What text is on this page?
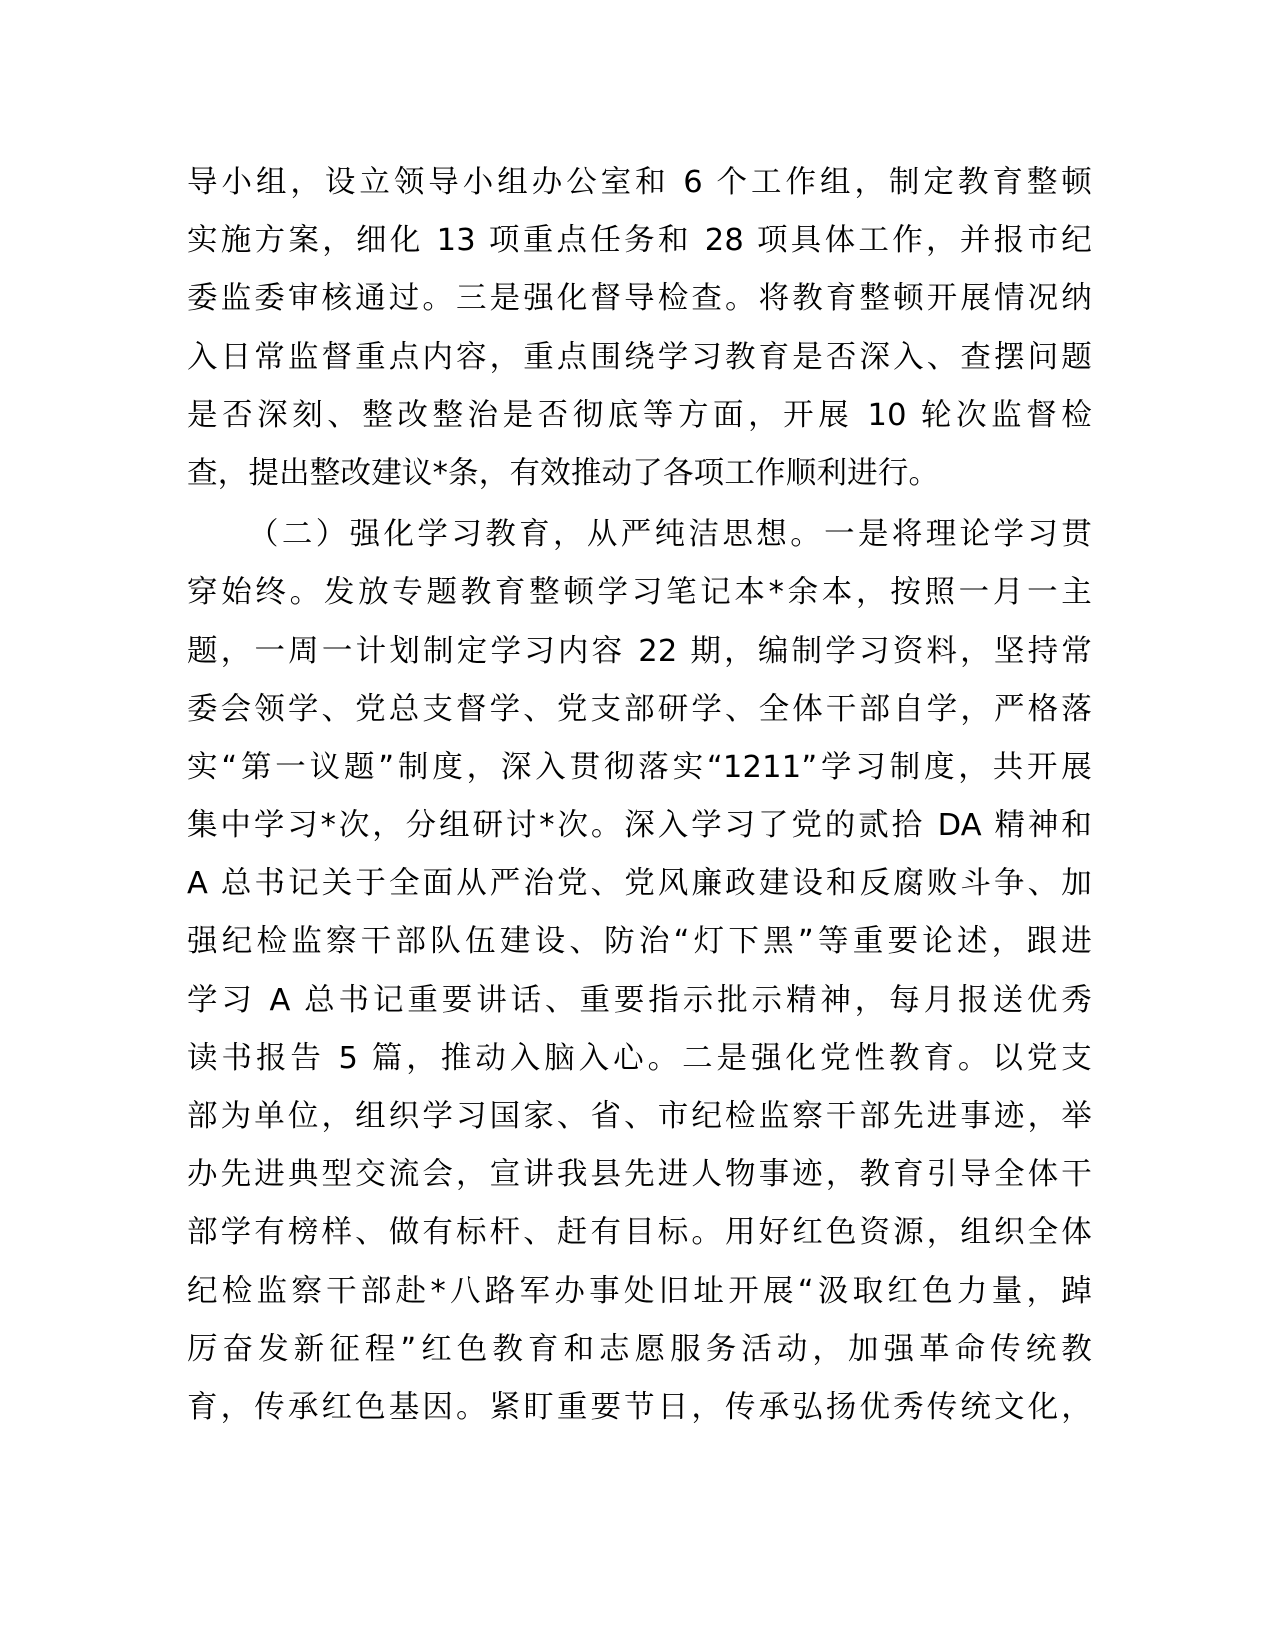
导小组，设立领导小组办公室和 6 个工作组，制定教育整顿
实施方案，细化 13 项重点任务和 28 项具体工作，并报市纪
委监委审核通过。三是强化督导检查。将教育整顿开展情况纳
入日常监督重点内容，重点围绕学习教育是否深入、查摆问题
是否深刻、整改整治是否彻底等方面，开展 10 轮次监督检
查，提出整改建议*条，有效推动了各项工作顺利进行。
（二）强化学习教育，从严纯洁思想。一是将理论学习贯
穿始终。发放专题教育整顿学习笔记本*余本，按照一月一主
题，一周一计划制定学习内容 22 期，编制学习资料，坚持常
委会领学、党总支督学、党支部研学、全体干部自学，严格落
实“第一议题”制度，深入贯彻落实“1211”学习制度，共开展
集中学习*次，分组研讨*次。深入学习了党的贰拾 DA 精神和
A 总书记关于全面从严治党、党风廉政建设和反腐败斗争、加
强纪检监察干部队伍建设、防治“灯下黑”等重要论述，跟进
学习 A 总书记重要讲话、重要指示批示精神，每月报送优秀
读书报告 5 篇，推动入脑入心。二是强化党性教育。以党支
部为单位，组织学习国家、省、市纪检监察干部先进事迹，举
办先进典型交流会，宣讲我县先进人物事迹，教育引导全体干
部学有榜样、做有标杆、赶有目标。用好红色资源，组织全体
纪检监察干部赴*八路军办事处旧址开展“汲取红色力量，踔
厉奋发新征程”红色教育和志愿服务活动，加强革命传统教
育，传承红色基因。紧盯重要节日，传承弘扬优秀传统文化，
